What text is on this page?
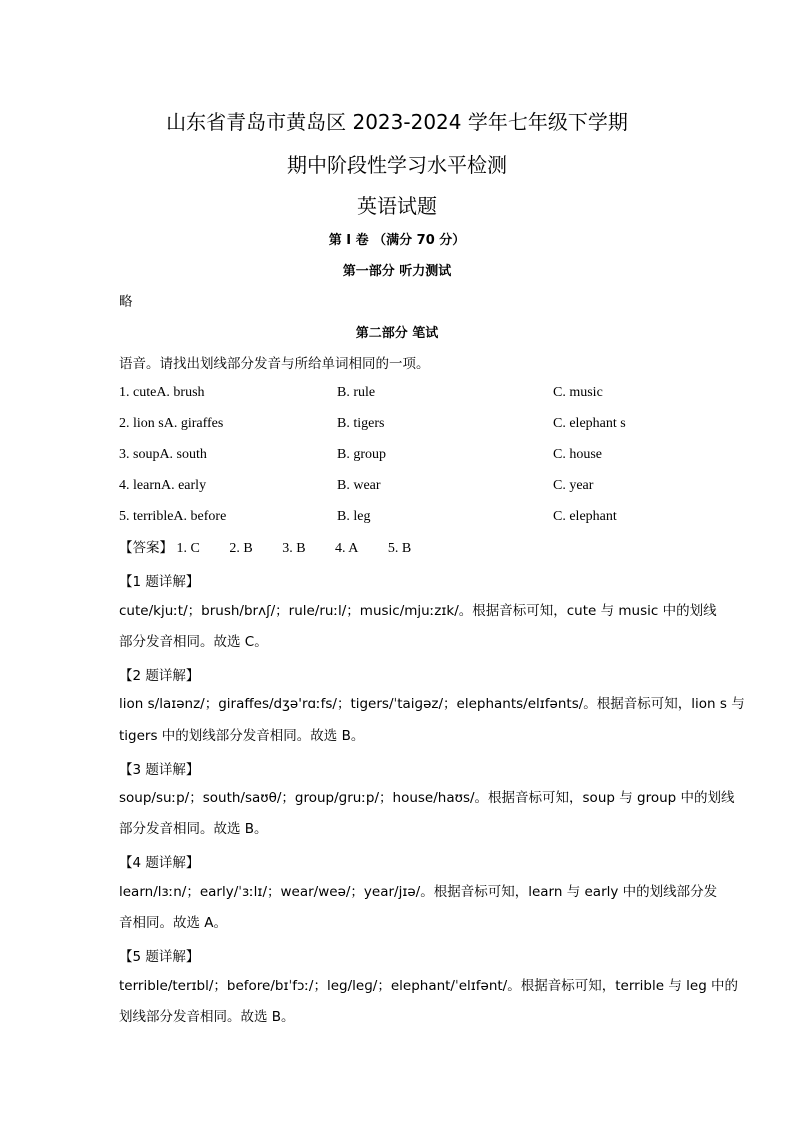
山东省青岛市黄岛区 2023-2024 学年七年级下学期
期中阶段性学习水平检测
英语试题
第 I 卷 （满分 70 分）
第一部分 听力测试
略
第二部分 笔试
语音。请找出划线部分发音与所给单词相同的一项。
1. cuteA. brush	B. rule	C. music
2. lion sA. giraffes	B. tigers	C. elephant s
3. soupA. south	B. group	C. house
4. learnA. early	B. wear	C. year
5. terribleA. before	B. leg	C. elephant
【答案】 1. C 2. B 3. B 4. A 5. B
【1 题详解】
cute/kjuːt/；brush/brʌʃ/；rule/ruːl/；music/mjuːzɪk/。根据音标可知，cute 与 music 中的划线
部分发音相同。故选 C。
【2 题详解】
lion s/laɪənz/；giraffes/dʒə'rɑːfs/；tigers/ˈtaiɡəz/；elephants/elɪfənts/。根据音标可知，lion s 与
tigers 中的划线部分发音相同。故选 B。
【3 题详解】
soup/suːp/；south/saʊθ/；group/ɡruːp/；house/haʊs/。根据音标可知，soup 与 group 中的划线
部分发音相同。故选 B。
【4 题详解】
learn/lɜːn/；early/ˈɜːlɪ/；wear/weə/；year/jɪə/。根据音标可知，learn 与 early 中的划线部分发
音相同。故选 A。
【5 题详解】
terrible/terɪbl/；before/bɪˈfɔː/；leg/leɡ/；elephant/ˈelɪfənt/。根据音标可知，terrible 与 leg 中的
划线部分发音相同。故选 B。
